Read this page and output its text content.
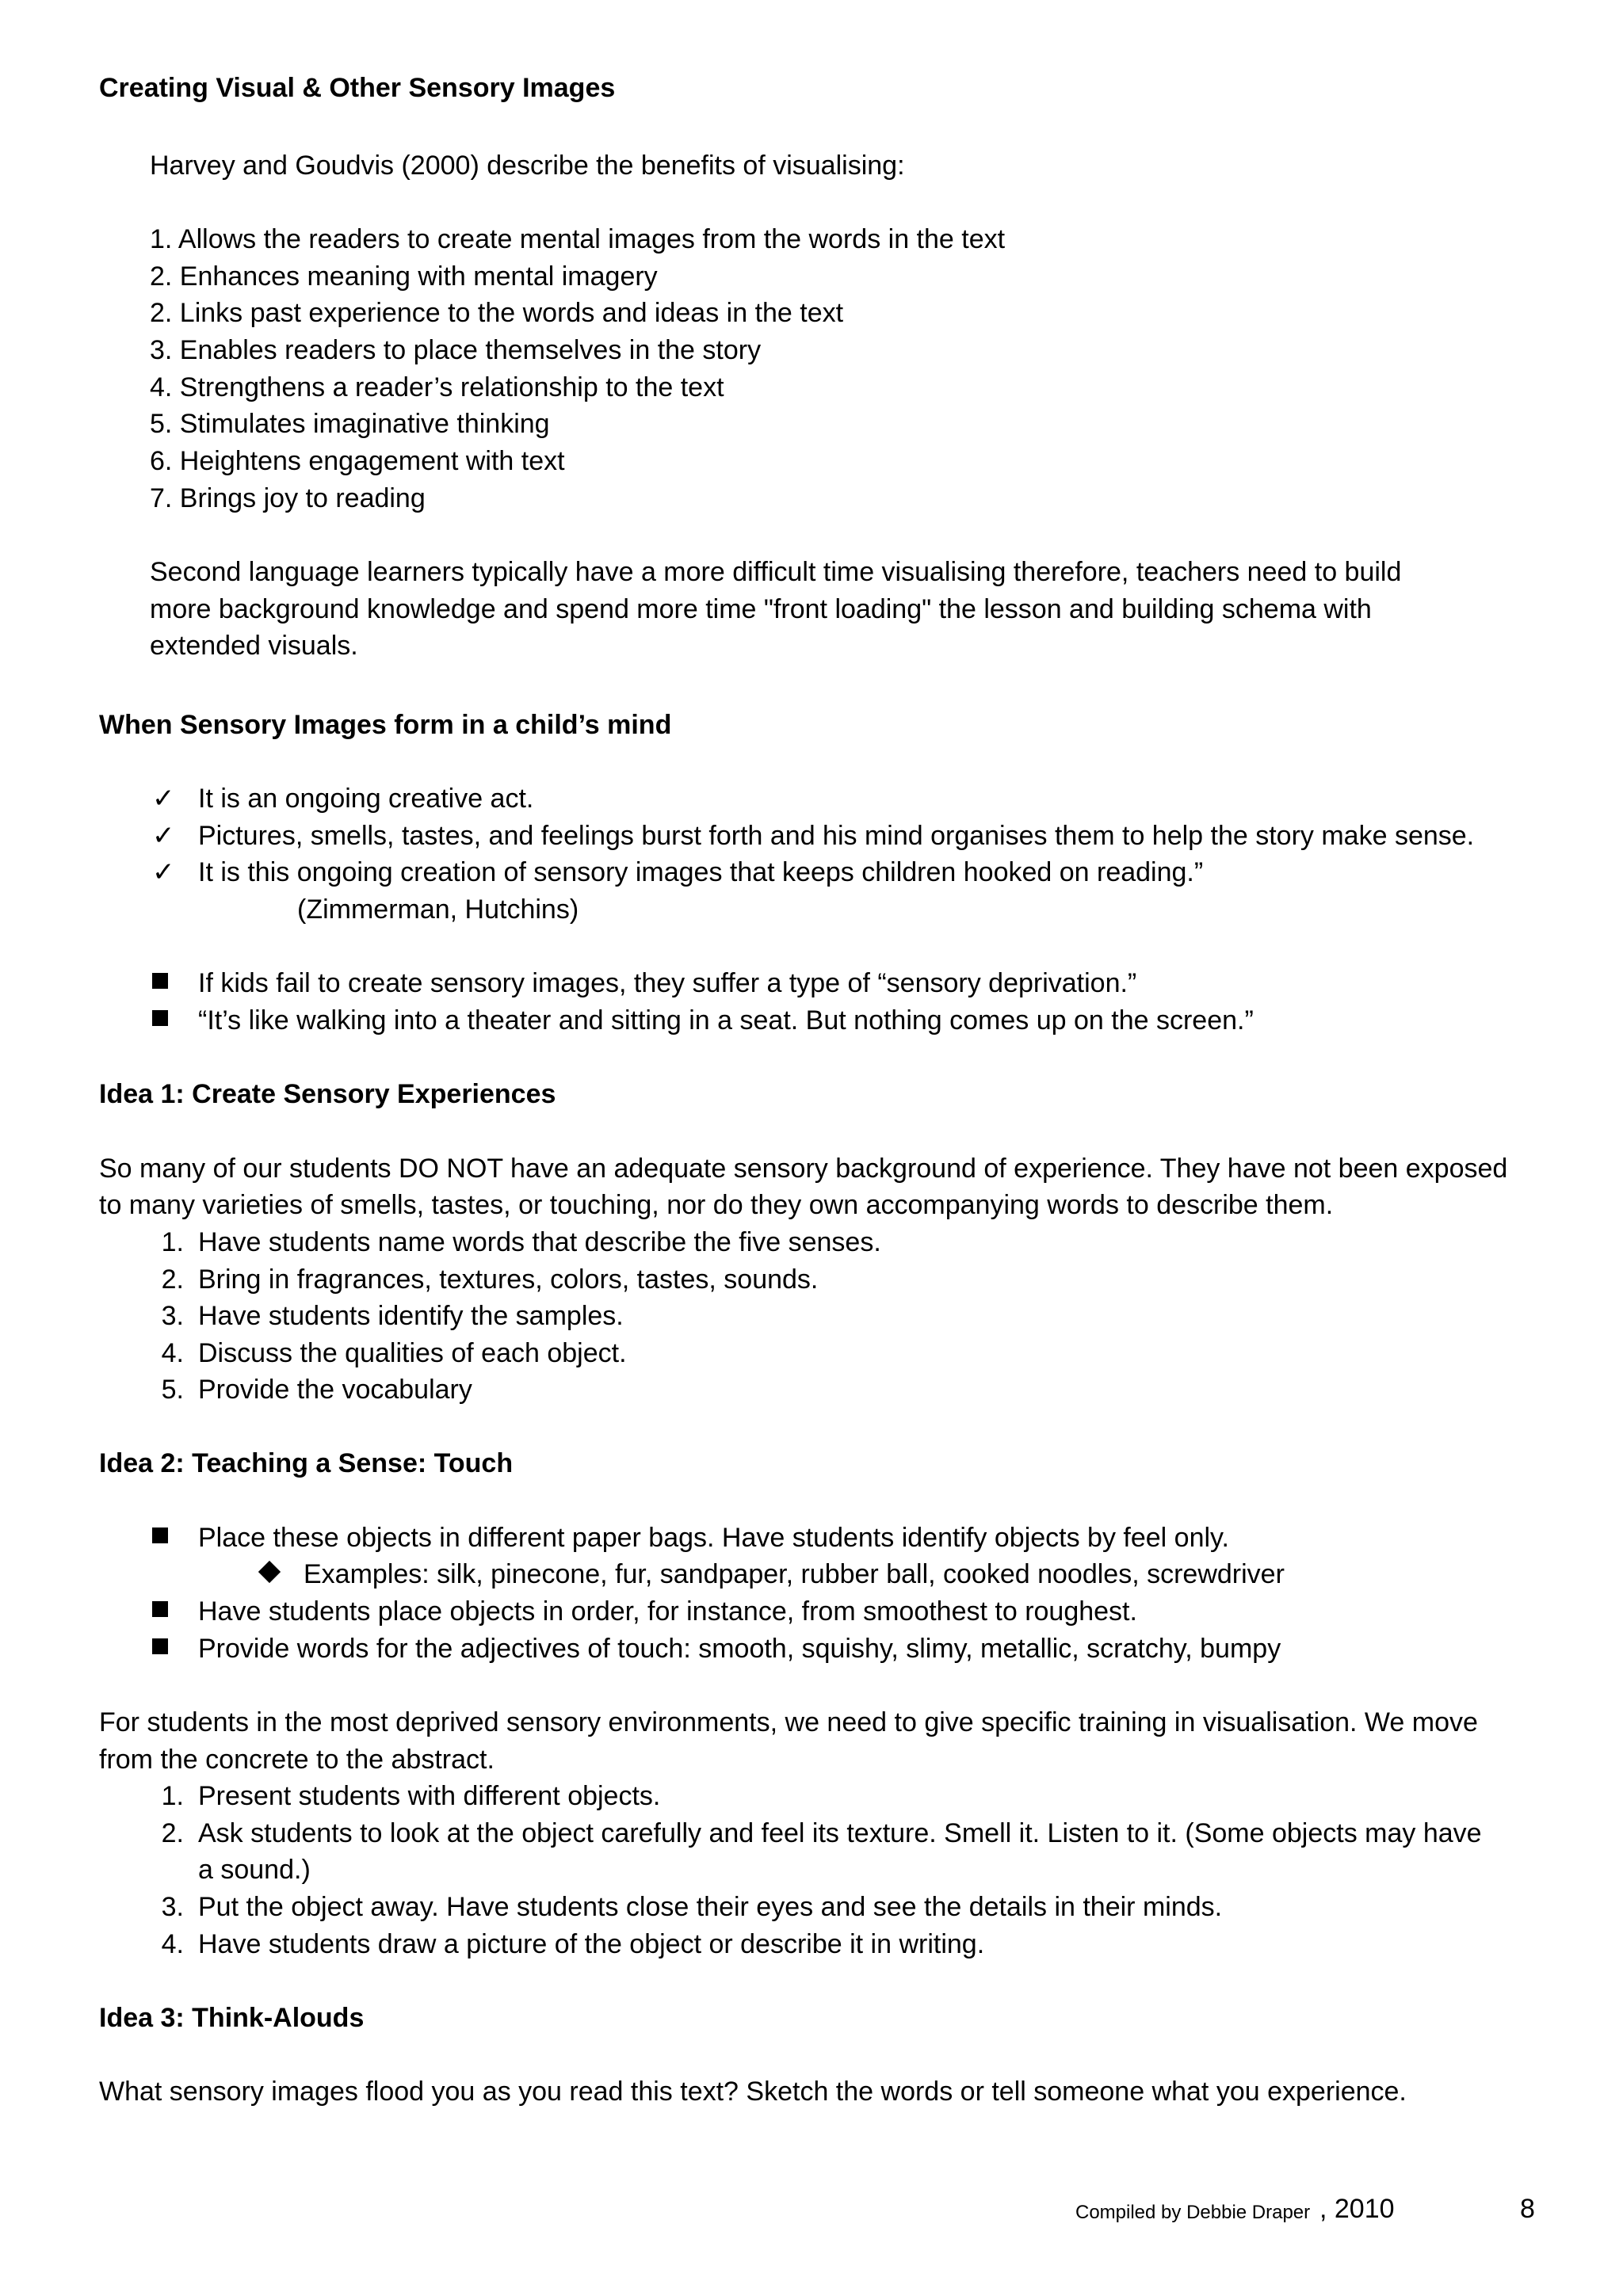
Creating Visual & Other Sensory Images
Harvey and Goudvis (2000) describe the benefits of visualising:
1. Allows the readers to create mental images from the words in the text
2. Enhances meaning with mental imagery
2. Links past experience to the words and ideas in the text
3. Enables readers to place themselves in the story
4. Strengthens a reader’s relationship to the text
5. Stimulates imaginative thinking
6. Heightens engagement with text
7. Brings joy to reading
Second language learners typically have a more difficult time visualising therefore, teachers need to build
more background knowledge and spend more time "front loading" the lesson and building schema with
extended visuals.
When Sensory Images form in a child’s mind
✓ It is an ongoing creative act.
✓ Pictures, smells, tastes, and feelings burst forth and his mind organises them to help the story make sense.
✓ It is this ongoing creation of sensory images that keeps children hooked on reading.”
(Zimmerman, Hutchins)
If kids fail to create sensory images, they suffer a type of “sensory deprivation.”
“It’s like walking into a theater and sitting in a seat. But nothing comes up on the screen.”
Idea 1: Create Sensory Experiences
So many of our students DO NOT have an adequate sensory background of experience. They have not been exposed
to many varieties of smells, tastes, or touching, nor do they own accompanying words to describe them.
1. Have students name words that describe the five senses.
2. Bring in fragrances, textures, colors, tastes, sounds.
3. Have students identify the samples.
4. Discuss the qualities of each object.
5. Provide the vocabulary
Idea 2: Teaching a Sense: Touch
Place these objects in different paper bags. Have students identify objects by feel only.
Examples: silk, pinecone, fur, sandpaper, rubber ball, cooked noodles, screwdriver
Have students place objects in order, for instance, from smoothest to roughest.
Provide words for the adjectives of touch: smooth, squishy, slimy, metallic, scratchy, bumpy
For students in the most deprived sensory environments, we need to give specific training in visualisation. We move
from the concrete to the abstract.
1. Present students with different objects.
2. Ask students to look at the object carefully and feel its texture. Smell it. Listen to it. (Some objects may have
a sound.)
3. Put the object away. Have students close their eyes and see the details in their minds.
4. Have students draw a picture of the object or describe it in writing.
Idea 3: Think-Alouds
What sensory images flood you as you read this text? Sketch the words or tell someone what you experience.
Compiled by Debbie Draper , 2010	8
